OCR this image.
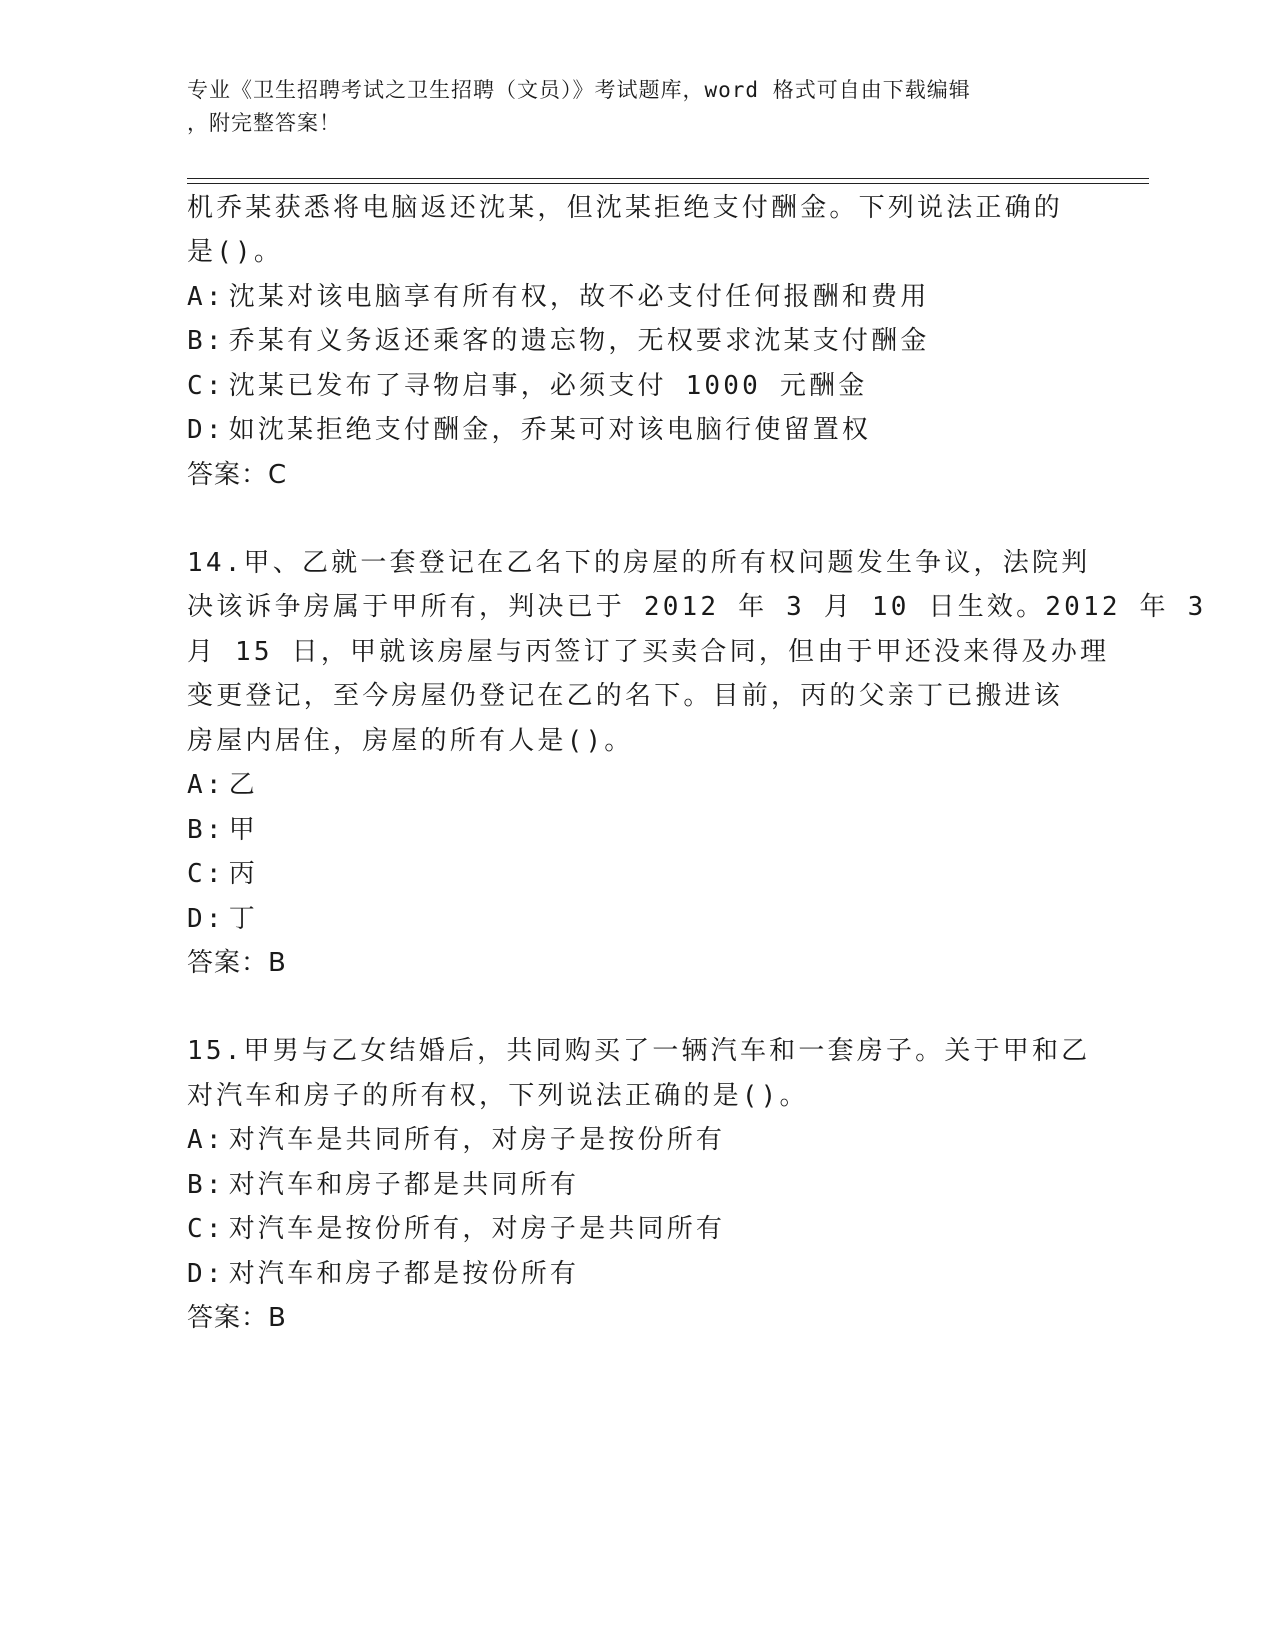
专业《卫生招聘考试之卫生招聘（文员）》考试题库，word 格式可自由下载编辑
，附完整答案！
机乔某获悉将电脑返还沈某，但沈某拒绝支付酬金。下列说法正确的
是()。
A: 沈某对该电脑享有所有权，故不必支付任何报酬和费用
B: 乔某有义务返还乘客的遗忘物，无权要求沈某支付酬金
C: 沈某已发布了寻物启事，必须支付 1000 元酬金
D: 如沈某拒绝支付酬金，乔某可对该电脑行使留置权
答案：C
14.甲、乙就一套登记在乙名下的房屋的所有权问题发生争议，法院判
决该诉争房属于甲所有，判决已于 2012 年 3 月 10 日生效。2012 年 3
月 15 日，甲就该房屋与丙签订了买卖合同，但由于甲还没来得及办理
变更登记，至今房屋仍登记在乙的名下。目前，丙的父亲丁已搬进该
房屋内居住，房屋的所有人是()。
A: 乙
B: 甲
C: 丙
D: 丁
答案：B
15.甲男与乙女结婚后，共同购买了一辆汽车和一套房子。关于甲和乙
对汽车和房子的所有权，下列说法正确的是()。
A: 对汽车是共同所有，对房子是按份所有
B: 对汽车和房子都是共同所有
C: 对汽车是按份所有，对房子是共同所有
D: 对汽车和房子都是按份所有
答案：B
